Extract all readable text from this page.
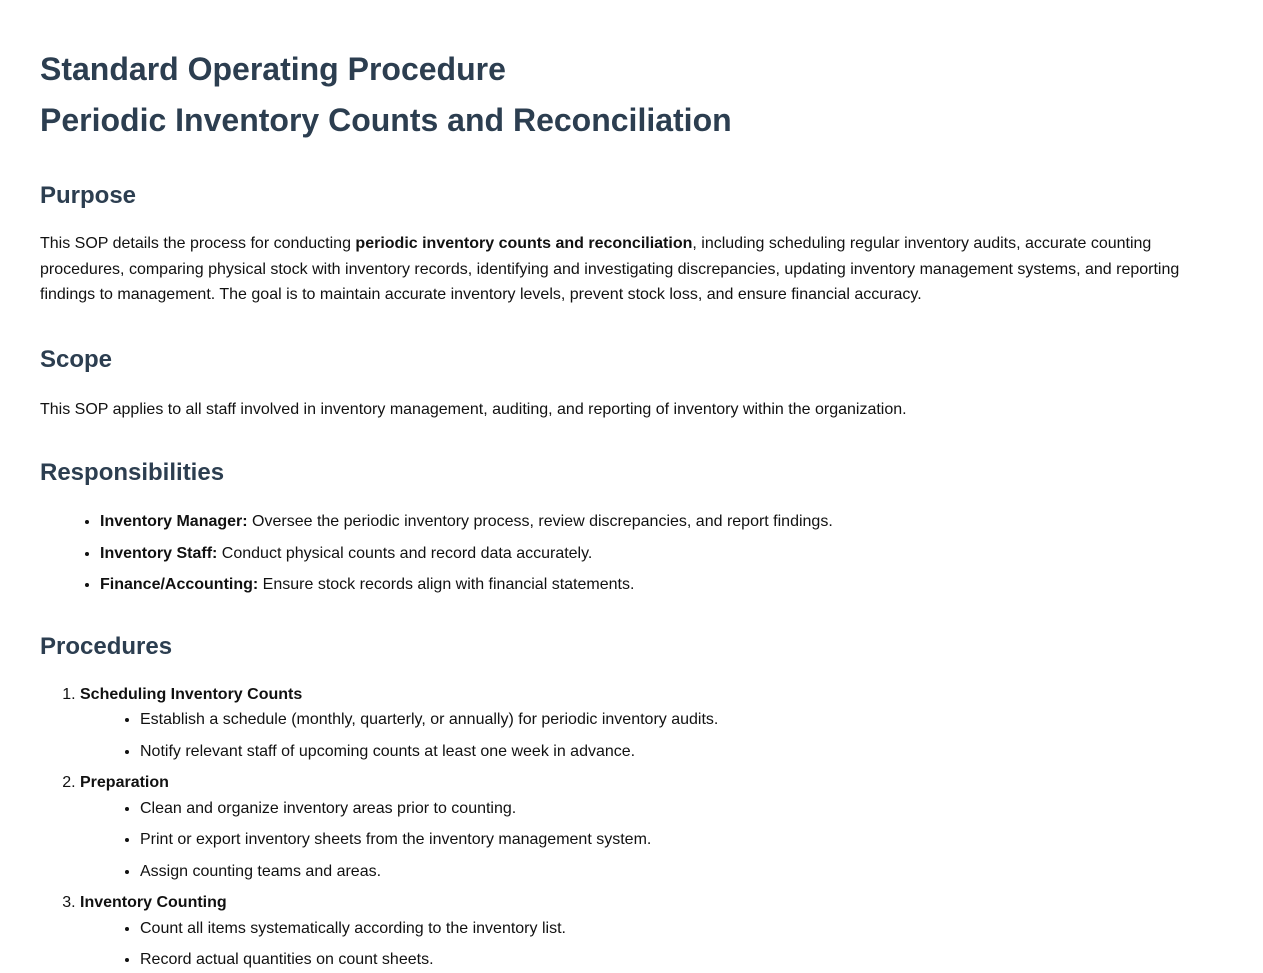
Standard Operating Procedure
Periodic Inventory Counts and Reconciliation
Purpose

This SOP details the process for conducting periodic inventory counts and reconciliation, including scheduling regular inventory audits, accurate counting procedures, comparing physical stock with inventory records, identifying and investigating discrepancies, updating inventory management systems, and reporting findings to management. The goal is to maintain accurate inventory levels, prevent stock loss, and ensure financial accuracy.

Scope

This SOP applies to all staff involved in inventory management, auditing, and reporting of inventory within the organization.

Responsibilities
• Inventory Manager: Oversee the periodic inventory process, review discrepancies, and report findings.
• Inventory Staff: Conduct physical counts and record data accurately.
• Finance/Accounting: Ensure stock records align with financial statements.
Procedures
1. Scheduling Inventory Counts
• Establish a schedule (monthly, quarterly, or annually) for periodic inventory audits.
• Notify relevant staff of upcoming counts at least one week in advance.
2. Preparation
• Clean and organize inventory areas prior to counting.
• Print or export inventory sheets from the inventory management system.
• Assign counting teams and areas.
3. Inventory Counting
• Count all items systematically according to the inventory list.
• Record actual quantities on count sheets.
